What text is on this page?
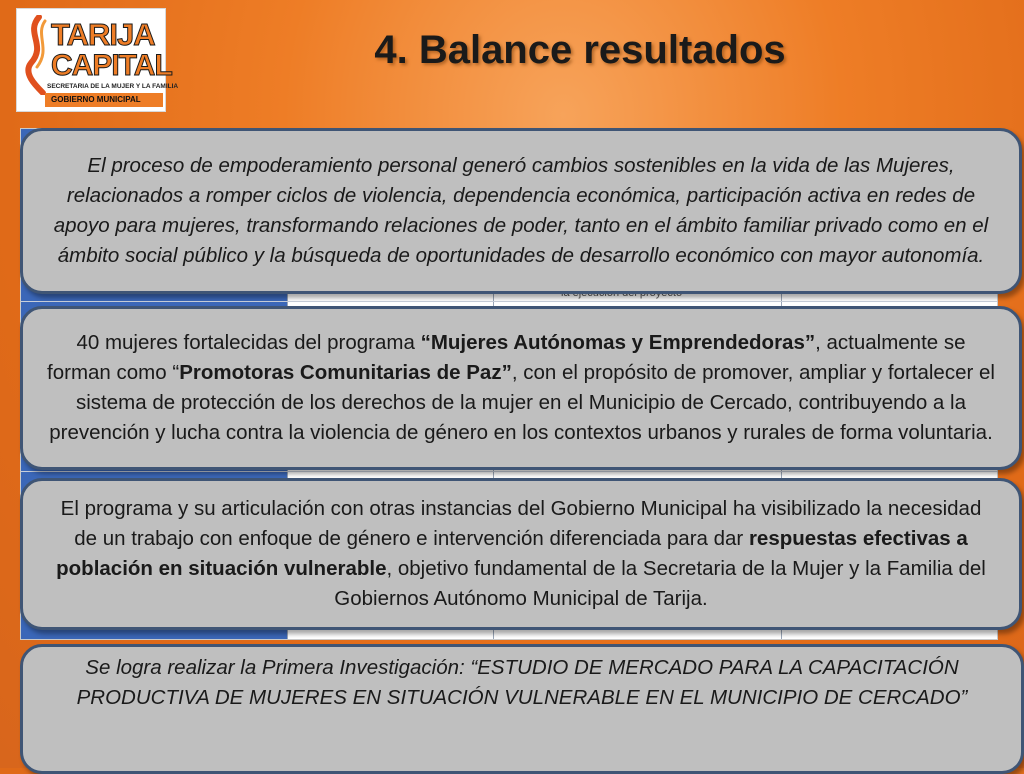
TARIJA
CAPITAL
SECRETARIA DE LA MUJER Y LA FAMILIA
GOBIERNO MUNICIPAL
4. Balance resultados

El proceso de empoderamiento personal generó cambios sostenibles en la vida de las Mujeres, relacionados a romper ciclos de violencia, dependencia económica, participación activa en redes de apoyo para mujeres, transformando relaciones de poder, tanto en el ámbito familiar privado como en el ámbito social público y la búsqueda de oportunidades de desarrollo económico con mayor autonomía.

40 mujeres fortalecidas del programa “Mujeres Autónomas y Emprendedoras”, actualmente se forman como “Promotoras Comunitarias de Paz”, con el propósito de promover, ampliar y fortalecer el sistema de protección de los derechos de la mujer en el Municipio de Cercado, contribuyendo a la prevención y lucha contra la violencia de género en los contextos urbanos y rurales de forma voluntaria.

El programa y su articulación con otras instancias del Gobierno Municipal ha visibilizado la necesidad de un trabajo con enfoque de género e intervención diferenciada para dar respuestas efectivas a población en situación vulnerable, objetivo fundamental de la Secretaria de la Mujer y la Familia del Gobiernos Autónomo Municipal de Tarija.

Se logra realizar la Primera Investigación: “ESTUDIO DE MERCADO PARA LA CAPACITACIÓN PRODUCTIVA DE MUJERES EN SITUACIÓN VULNERABLE EN EL MUNICIPIO DE CERCADO”
